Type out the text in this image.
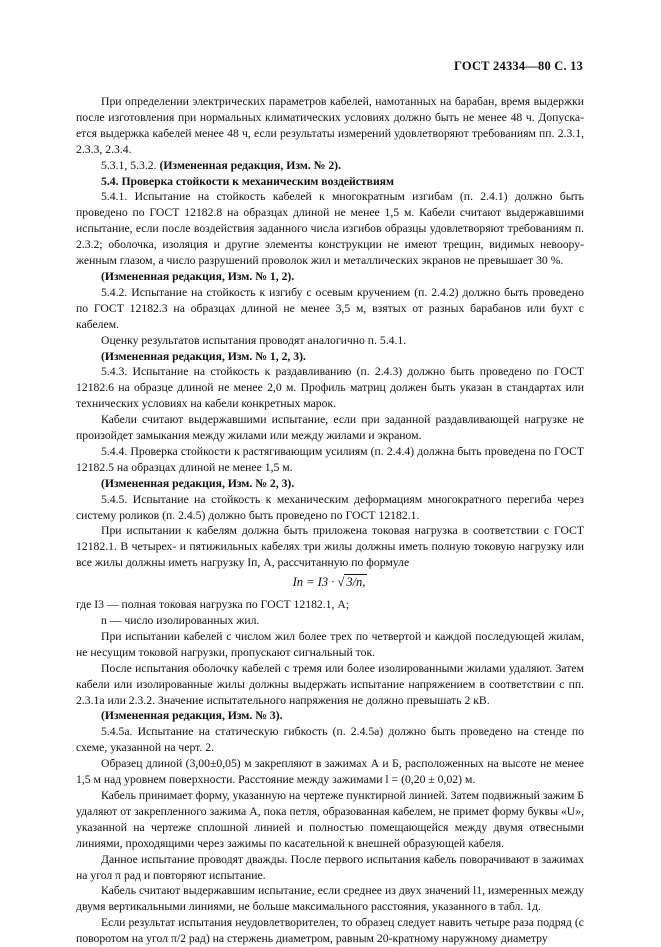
ГОСТ 24334—80 С. 13

При определении электрических параметров кабелей, намотанных на барабан, время выдержки после изготовления при нормальных климатических условиях должно быть не менее 48 ч. Допускается выдержка кабелей менее 48 ч, если результаты измерений удовлетворяют требованиям пп. 2.3.1, 2.3.3, 2.3.4.

5.3.1, 5.3.2. (Измененная редакция, Изм. № 2).

5.4. Проверка стойкости к механическим воздействиям

5.4.1. Испытание на стойкость кабелей к многократным изгибам (п. 2.4.1) должно быть проведено по ГОСТ 12182.8 на образцах длиной не менее 1,5 м. Кабели считают выдержавшими испытание, если после воздействия заданного числа изгибов образцы удовлетворяют требованиям п. 2.3.2; оболочка, изоляция и другие элементы конструкции не имеют трещин, видимых невооруженным глазом, а число разрушений проволок жил и металлических экранов не превышает 30 %.

(Измененная редакция, Изм. № 1, 2).

5.4.2. Испытание на стойкость к изгибу с осевым кручением (п. 2.4.2) должно быть проведено по ГОСТ 12182.3 на образцах длиной не менее 3,5 м, взятых от разных барабанов или бухт с кабелем.

Оценку результатов испытания проводят аналогично п. 5.4.1.

(Измененная редакция, Изм. № 1, 2, 3).

5.4.3. Испытание на стойкость к раздавливанию (п. 2.4.3) должно быть проведено по ГОСТ 12182.6 на образце длиной не менее 2,0 м. Профиль матриц должен быть указан в стандартах или технических условиях на кабели конкретных марок.

Кабели считают выдержавшими испытание, если при заданной раздавливающей нагрузке не произойдет замыкания между жилами или между жилами и экраном.

5.4.4. Проверка стойкости к растягивающим усилиям (п. 2.4.4) должна быть проведена по ГОСТ 12182.5 на образцах длиной не менее 1,5 м.

(Измененная редакция, Изм. № 2, 3).

5.4.5. Испытание на стойкость к механическим деформациям многократного перегиба через систему роликов (п. 2.4.5) должно быть проведено по ГОСТ 12182.1.

При испытании к кабелям должна быть приложена токовая нагрузка в соответствии с ГОСТ 12182.1. В четырех- и пятижильных кабелях три жилы должны иметь полную токовую нагрузку или все жилы должны иметь нагрузку Iп, А, рассчитанную по формуле

Iп = I3 · √ 3/n,

где I3 — полная токовая нагрузка по ГОСТ 12182.1, А;

n — число изолированных жил.

При испытании кабелей с числом жил более трех по четвертой и каждой последующей жилам, не несущим токовой нагрузки, пропускают сигнальный ток.

После испытания оболочку кабелей с тремя или более изолированными жилами удаляют. Затем кабели или изолированные жилы должны выдержать испытание напряжением в соответствии с пп. 2.3.1а или 2.3.2. Значение испытательного напряжения не должно превышать 2 кВ.

(Измененная редакция, Изм. № 3).

5.4.5а. Испытание на статическую гибкость (п. 2.4.5а) должно быть проведено на стенде по схеме, указанной на черт. 2.

Образец длиной (3,00±0,05) м закрепляют в зажимах А и Б, расположенных на высоте не менее 1,5 м над уровнем поверхности. Расстояние между зажимами l = (0,20 ± 0,02) м.

Кабель принимает форму, указанную на чертеже пунктирной линией. Затем подвижный зажим Б удаляют от закрепленного зажима А, пока петля, образованная кабелем, не примет форму буквы «U», указанной на чертеже сплошной линией и полностью помещающейся между двумя отвесными линиями, проходящими через зажимы по касательной к внешней образующей кабеля.

Данное испытание проводят дважды. После первого испытания кабель поворачивают в зажимах на угол π рад и повторяют испытание.

Кабель считают выдержавшим испытание, если среднее из двух значений l1, измеренных между двумя вертикальными линиями, не больше максимального расстояния, указанного в табл. 1д.

Если результат испытания неудовлетворителен, то образец следует навить четыре раза подряд (с поворотом на угол π/2 рад) на стержень диаметром, равным 20-кратному наружному диаметру
